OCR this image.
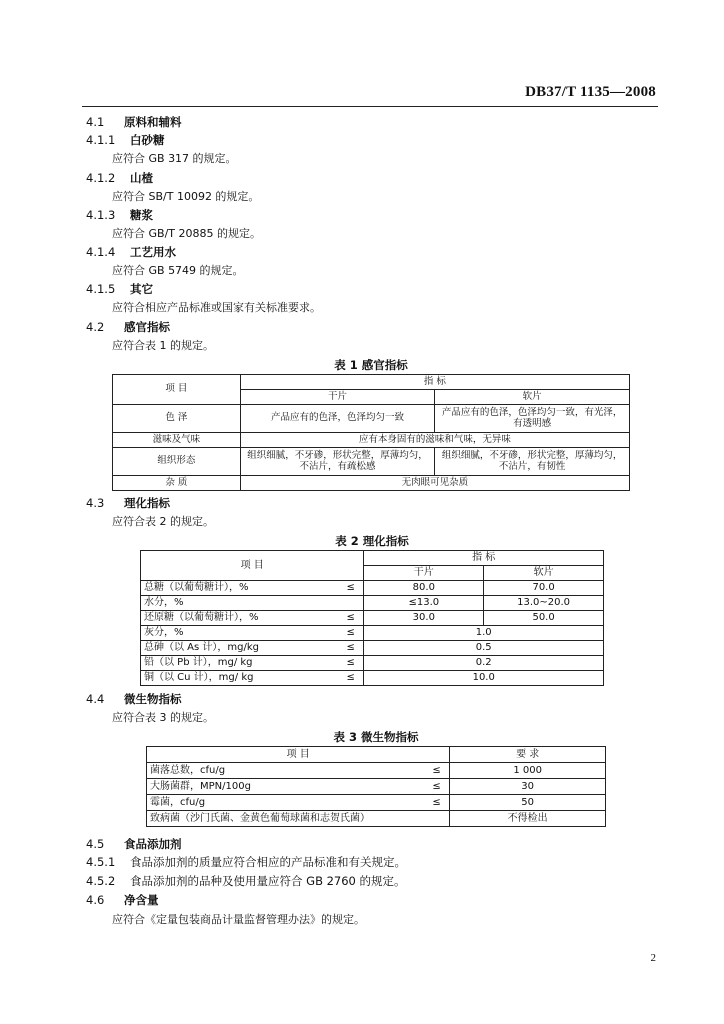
DB37/T 1135—2008
4.1 原料和辅料
4.1.1 白砂糖
应符合 GB 317 的规定。
4.1.2 山楂
应符合 SB/T 10092 的规定。
4.1.3 糖浆
应符合 GB/T 20885 的规定。
4.1.4 工艺用水
应符合 GB 5749 的规定。
4.1.5 其它
应符合相应产品标准或国家有关标准要求。
4.2 感官指标
应符合表 1 的规定。
表 1 感官指标
项 目	指 标	
	干片	软片
色 泽	产品应有的色泽，色泽均匀一致	产品应有的色泽，色泽均匀一致，有光泽，有透明感
滋味及气味	应有本身固有的滋味和气味，无异味	
组织形态	组织细腻，不牙碜，形状完整，厚薄均匀，不沾片，有疏松感	组织细腻，不牙碜，形状完整，厚薄均匀，不沾片，有韧性
杂 质	无肉眼可见杂质	
4.3 理化指标
应符合表 2 的规定。
表 2 理化指标
项 目		指 标	
		干片	软片
总糖（以葡萄糖计），%	≤	80.0	70.0
水分，%		≤13.0	13.0~20.0
还原糖（以葡萄糖计），%	≤	30.0	50.0
灰分，%	≤	1.0	
总砷（以 As 计），mg/kg	≤	0.5	
铅（以 Pb 计），mg/ kg	≤	0.2	
铜（以 Cu 计），mg/ kg	≤	10.0	
4.4 微生物指标
应符合表 3 的规定。
表 3 微生物指标
项 目		要 求
菌落总数，cfu/g	≤	1 000
大肠菌群，MPN/100g	≤	30
霉菌，cfu/g	≤	50
致病菌（沙门氏菌、金黄色葡萄球菌和志贺氏菌）		不得检出
4.5 食品添加剂
4.5.1 食品添加剂的质量应符合相应的产品标准和有关规定。
4.5.2 食品添加剂的品种及使用量应符合 GB 2760 的规定。
4.6 净含量
应符合《定量包装商品计量监督管理办法》的规定。
2
